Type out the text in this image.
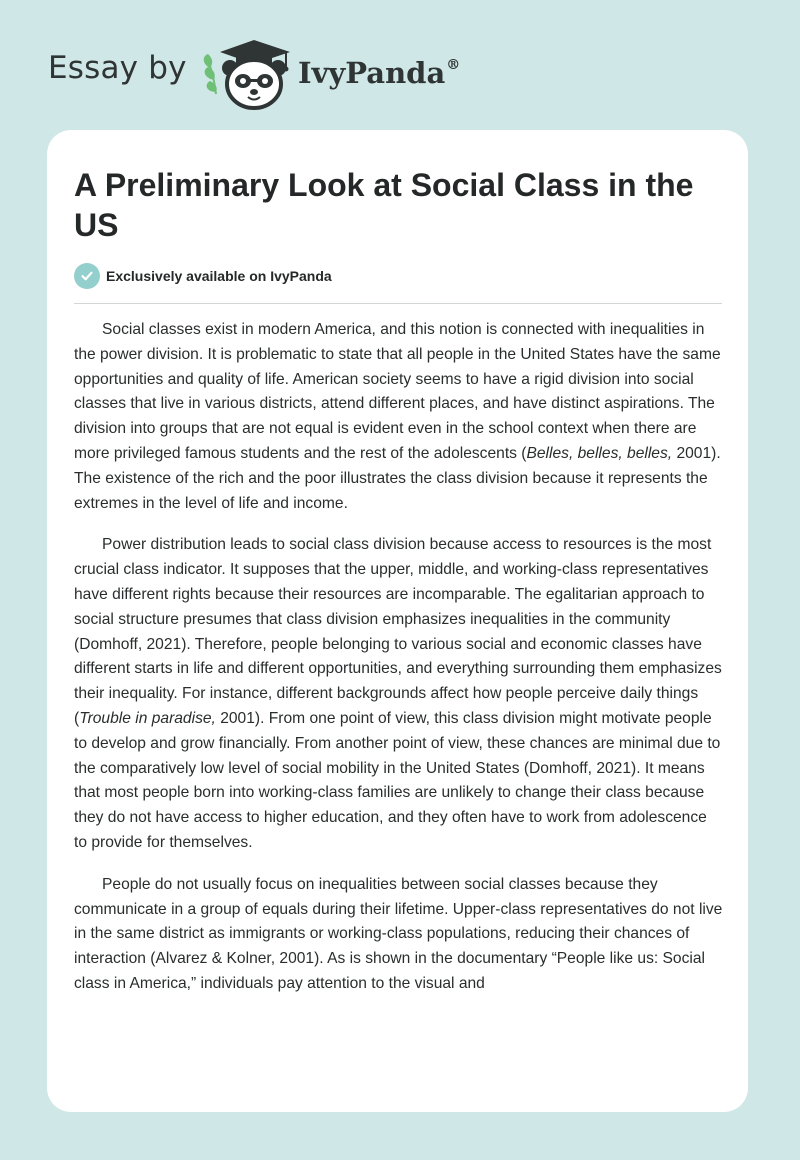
Essay by	IvyPanda®
A Preliminary Look at Social Class in the US
Exclusively available on IvyPanda

Social classes exist in modern America, and this notion is connected with inequalities in the power division. It is problematic to state that all people in the United States have the same opportunities and quality of life. American society seems to have a rigid division into social classes that live in various districts, attend different places, and have distinct aspirations. The division into groups that are not equal is evident even in the school context when there are more privileged famous students and the rest of the adolescents (Belles, belles, belles, 2001). The existence of the rich and the poor illustrates the class division because it represents the extremes in the level of life and income.

Power distribution leads to social class division because access to resources is the most crucial class indicator. It supposes that the upper, middle, and working-class representatives have different rights because their resources are incomparable. The egalitarian approach to social structure presumes that class division emphasizes inequalities in the community (Domhoff, 2021). Therefore, people belonging to various social and economic classes have different starts in life and different opportunities, and everything surrounding them emphasizes their inequality. For instance, different backgrounds affect how people perceive daily things (Trouble in paradise, 2001). From one point of view, this class division might motivate people to develop and grow financially. From another point of view, these chances are minimal due to the comparatively low level of social mobility in the United States (Domhoff, 2021). It means that most people born into working-class families are unlikely to change their class because they do not have access to higher education, and they often have to work from adolescence to provide for themselves.

People do not usually focus on inequalities between social classes because they communicate in a group of equals during their lifetime. Upper-class representatives do not live in the same district as immigrants or working-class populations, reducing their chances of interaction (Alvarez & Kolner, 2001). As is shown in the documentary “People like us: Social class in America,” individuals pay attention to the visual and
